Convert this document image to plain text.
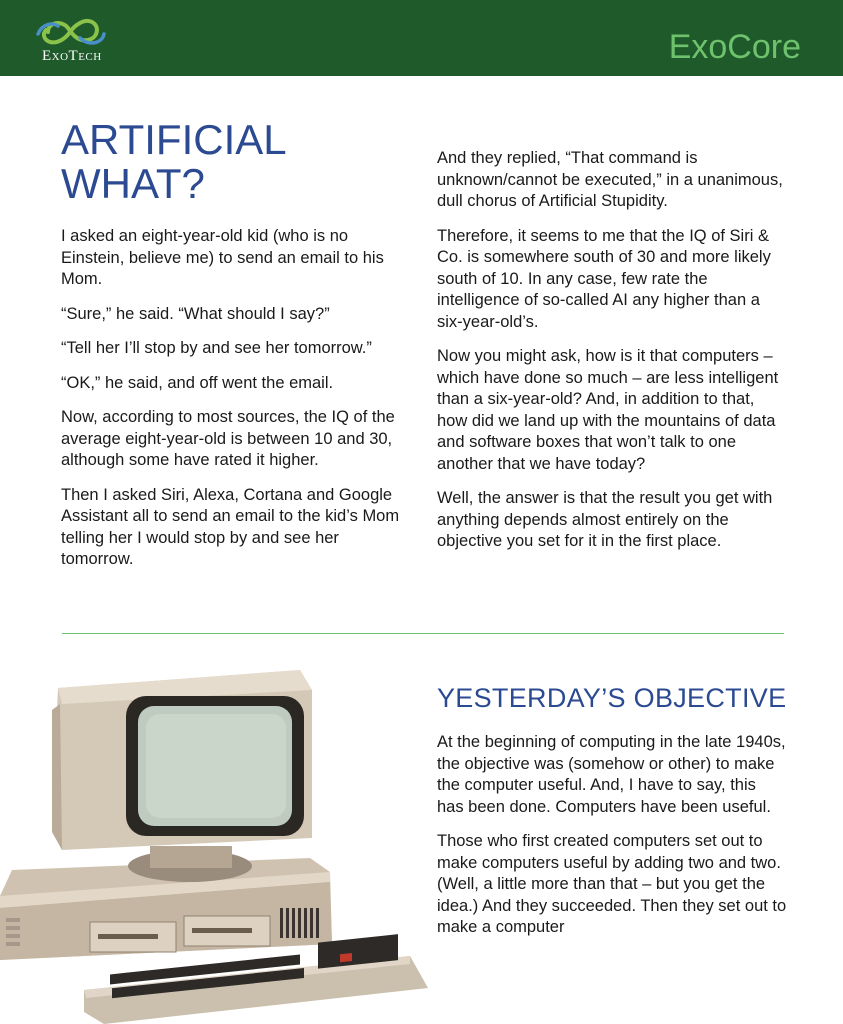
ExoTech	ExoCore
ARTIFICIAL
WHAT?

I asked an eight-year-old kid (who is no Einstein, believe me) to send an email to his Mom.

“Sure,” he said. “What should I say?”

“Tell her I’ll stop by and see her tomorrow.”

“OK,” he said, and off went the email.

Now, according to most sources, the IQ of the average eight-year-old is between 10 and 30, although some have rated it higher.

Then I asked Siri, Alexa, Cortana and Google Assistant all to send an email to the kid’s Mom telling her I would stop by and see her tomorrow.

And they replied, “That command is unknown/cannot be executed,” in a unanimous, dull chorus of Artificial Stupidity.

Therefore, it seems to me that the IQ of Siri & Co. is somewhere south of 30 and more likely south of 10. In any case, few rate the intelligence of so-called AI any higher than a six-year-old’s.

Now you might ask, how is it that computers – which have done so much – are less intelligent than a six-year-old? And, in addition to that, how did we land up with the mountains of data and software boxes that won’t talk to one another that we have today?

Well, the answer is that the result you get with anything depends almost entirely on the objective you set for it in the first place.

YESTERDAY’S OBJECTIVE

At the beginning of computing in the late 1940s, the objective was (somehow or other) to make the computer useful. And, I have to say, this has been done. Computers have been useful.

Those who first created computers set out to make computers useful by adding two and two. (Well, a little more than that – but you get the idea.) And they succeeded. Then they set out to make a computer
